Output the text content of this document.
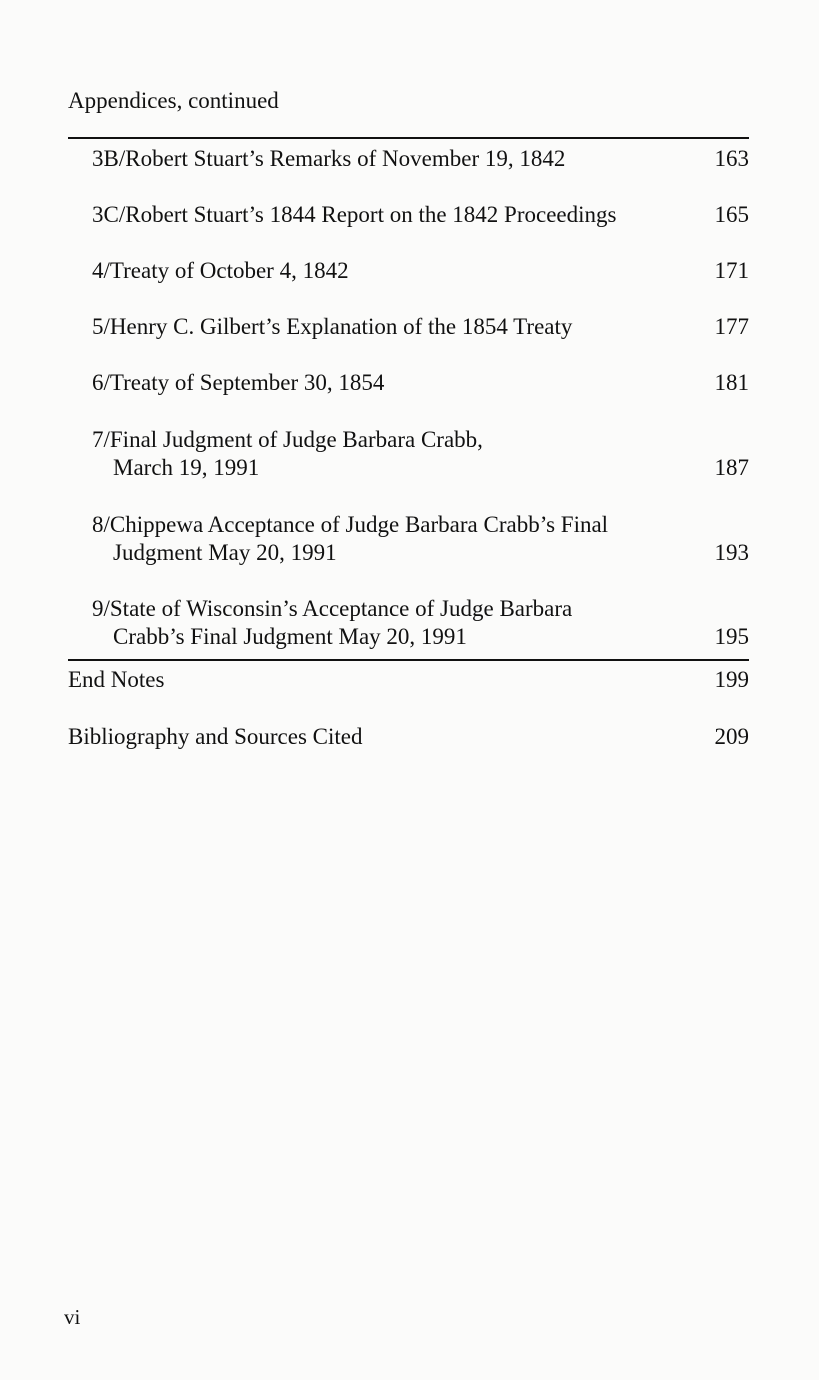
Appendices, continued
3B/Robert Stuart’s Remarks of November 19, 1842	163
3C/Robert Stuart’s 1844 Report on the 1842 Proceedings	165
4/Treaty of October 4, 1842	171
5/Henry C. Gilbert’s Explanation of the 1854 Treaty	177
6/Treaty of September 30, 1854	181
7/Final Judgment of Judge Barbara Crabb,
March 19, 1991	187
8/Chippewa Acceptance of Judge Barbara Crabb’s Final
Judgment May 20, 1991	193
9/State of Wisconsin’s Acceptance of Judge Barbara
Crabb’s Final Judgment May 20, 1991	195
End Notes	199
Bibliography and Sources Cited	209
vi
